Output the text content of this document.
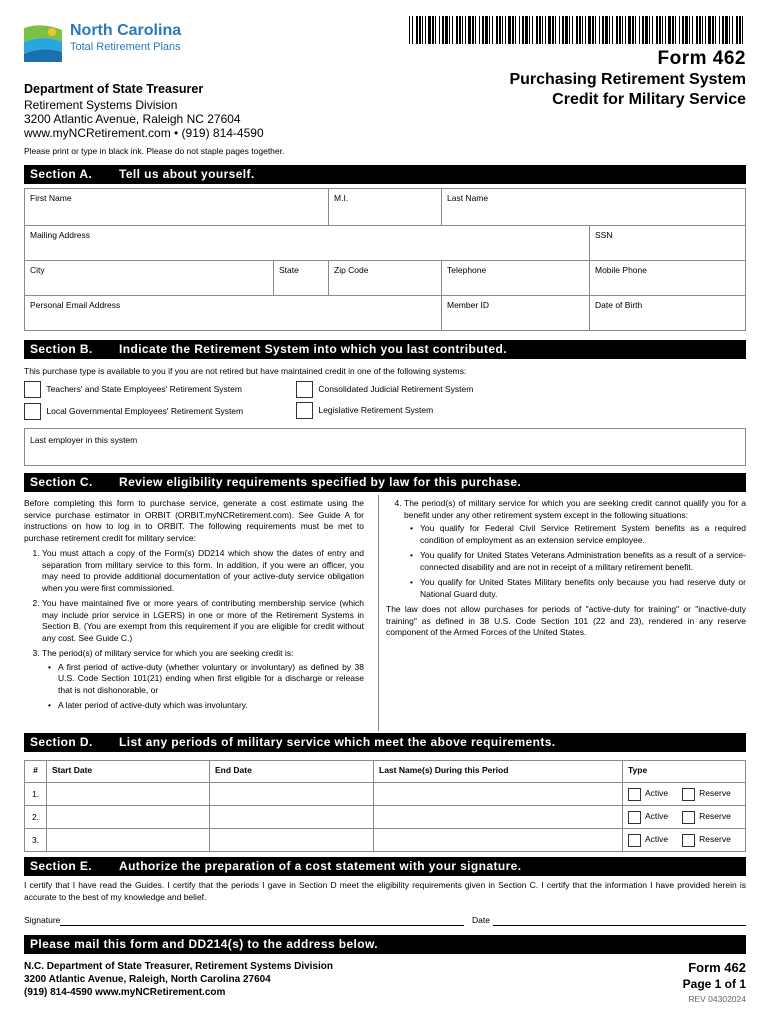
North Carolina
Total Retirement Plans
Form 462
Purchasing Retirement System
Credit for Military Service
Department of State Treasurer
Retirement Systems Division
3200 Atlantic Avenue, Raleigh NC 27604
www.myNCRetirement.com • (919) 814-4590
Please print or type in black ink. Please do not staple pages together.
Section A. Tell us about yourself.
First Name		M.I.	Last Name	
Mailing Address				SSN
City	State	Zip Code	Telephone	Mobile Phone
Personal Email Address			Member ID	Date of Birth
Section B. Indicate the Retirement System into which you last contributed.
This purchase type is available to you if you are not retired but have maintained credit in one of the following systems:
Teachers' and State Employees' Retirement System	Consolidated Judicial Retirement System
Local Governmental Employees' Retirement System	Legislative Retirement System
Last employer in this system
Section C. Review eligibility requirements specified by law for this purchase.

Before completing this form to purchase service, generate a cost estimate using the service purchase estimator in ORBIT (ORBIT.myNCRetirement.com). See Guide A for instructions on how to log in to ORBIT. The following requirements must be met to purchase retirement credit for military service:

1. You must attach a copy of the Form(s) DD214 which show the dates of entry and separation from military service to this form. In addition, if you were an officer, you may need to provide additional documentation of your active-duty service obligation when you were first commissioned.
2. You have maintained five or more years of contributing membership service (which may include prior service in LGERS) in one or more of the Retirement Systems in Section B. (You are exempt from this requirement if you are eligible for credit without any cost. See Guide C.)
3. The period(s) of military service for which you are seeking credit is:
• A first period of active-duty (whether voluntary or involuntary) as defined by 38 U.S. Code Section 101(21) ending when first eligible for a discharge or release that is not dishonorable, or
• A later period of active-duty which was involuntary.
4. The period(s) of military service for which you are seeking credit cannot qualify you for a benefit under any other retirement system except in the following situations:
• You qualify for Federal Civil Service Retirement System benefits as a required condition of employment as an extension service employee.
• You qualify for United States Veterans Administration benefits as a result of a service-connected disability and are not in receipt of a military retirement benefit.
• You qualify for United States Military benefits only because you had reserve duty or National Guard duty.

The law does not allow purchases for periods of "active-duty for training" or "inactive-duty training" as defined in 38 U.S. Code Section 101 (22 and 23), rendered in any reserve component of the Armed Forces of the United States.

Section D. List any periods of military service which meet the above requirements.
#	Start Date	End Date	Last Name(s) During this Period	Type
1.				Active Reserve
2.				Active Reserve
3.				Active Reserve
Section E. Authorize the preparation of a cost statement with your signature.
I certify that I have read the Guides. I certify that the periods I gave in Section D meet the eligibility requirements given in Section C. I certify that the information I have provided herein is accurate to the best of my knowledge and belief.
Signature	Date
Please mail this form and DD214(s) to the address below.
N.C. Department of State Treasurer, Retirement Systems Division
3200 Atlantic Avenue, Raleigh, North Carolina 27604
(919) 814-4590 www.myNCRetirement.com
Form 462
Page 1 of 1
REV 04302024
